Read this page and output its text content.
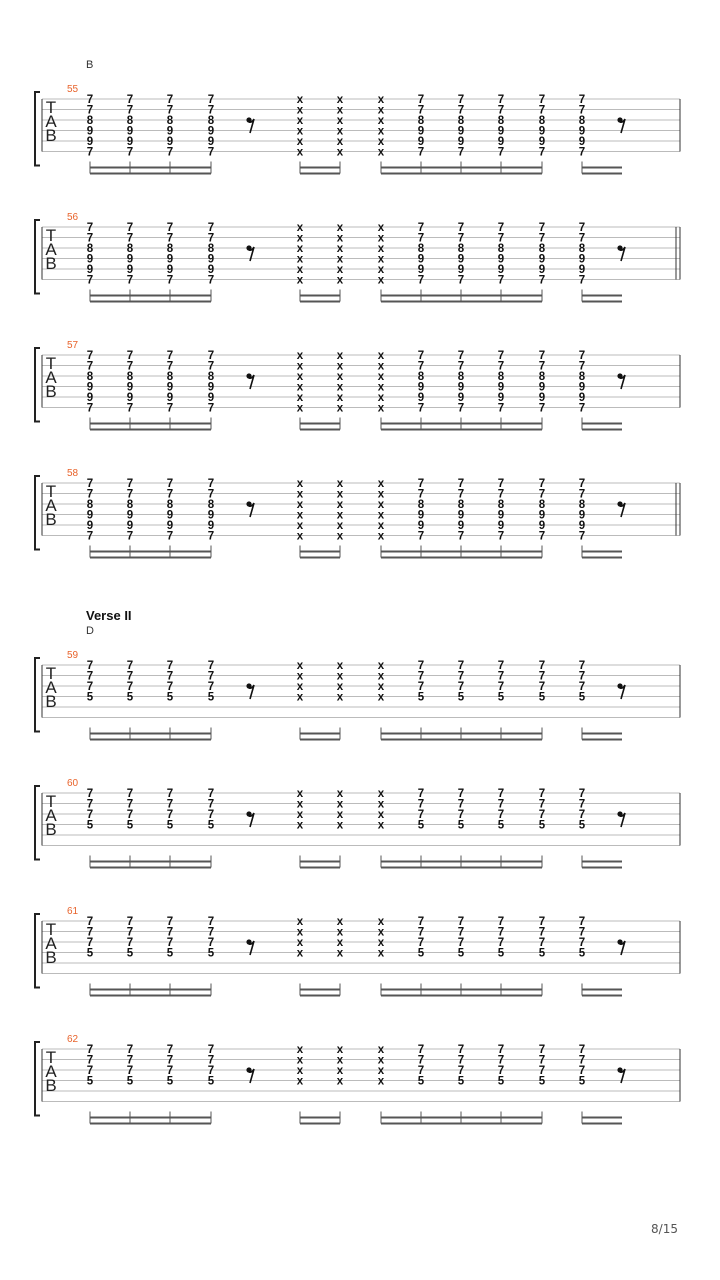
B
55
T
A
B
7
7
8
9
9
7
7
7
8
9
9
7
7
7
8
9
9
7
7
7
8
9
9
7
x
x
x
x
x
x
x
x
x
x
x
x
x
x
x
x
x
x
7
7
8
9
9
7
7
7
8
9
9
7
7
7
8
9
9
7
7
7
8
9
9
7
7
7
8
9
9
7
56
T
A
B
7
7
8
9
9
7
7
7
8
9
9
7
7
7
8
9
9
7
7
7
8
9
9
7
x
x
x
x
x
x
x
x
x
x
x
x
x
x
x
x
x
x
7
7
8
9
9
7
7
7
8
9
9
7
7
7
8
9
9
7
7
7
8
9
9
7
7
7
8
9
9
7
57
T
A
B
7
7
8
9
9
7
7
7
8
9
9
7
7
7
8
9
9
7
7
7
8
9
9
7
x
x
x
x
x
x
x
x
x
x
x
x
x
x
x
x
x
x
7
7
8
9
9
7
7
7
8
9
9
7
7
7
8
9
9
7
7
7
8
9
9
7
7
7
8
9
9
7
58
T
A
B
7
7
8
9
9
7
7
7
8
9
9
7
7
7
8
9
9
7
7
7
8
9
9
7
x
x
x
x
x
x
x
x
x
x
x
x
x
x
x
x
x
x
7
7
8
9
9
7
7
7
8
9
9
7
7
7
8
9
9
7
7
7
8
9
9
7
7
7
8
9
9
7
Verse II
D
59
T
A
B
7
7
7
5
7
7
7
5
7
7
7
5
7
7
7
5
x
x
x
x
x
x
x
x
x
x
x
x
7
7
7
5
7
7
7
5
7
7
7
5
7
7
7
5
7
7
7
5
60
T
A
B
7
7
7
5
7
7
7
5
7
7
7
5
7
7
7
5
x
x
x
x
x
x
x
x
x
x
x
x
7
7
7
5
7
7
7
5
7
7
7
5
7
7
7
5
7
7
7
5
61
T
A
B
7
7
7
5
7
7
7
5
7
7
7
5
7
7
7
5
x
x
x
x
x
x
x
x
x
x
x
x
7
7
7
5
7
7
7
5
7
7
7
5
7
7
7
5
7
7
7
5
62
T
A
B
7
7
7
5
7
7
7
5
7
7
7
5
7
7
7
5
x
x
x
x
x
x
x
x
x
x
x
x
7
7
7
5
7
7
7
5
7
7
7
5
7
7
7
5
7
7
7
5
8/15
